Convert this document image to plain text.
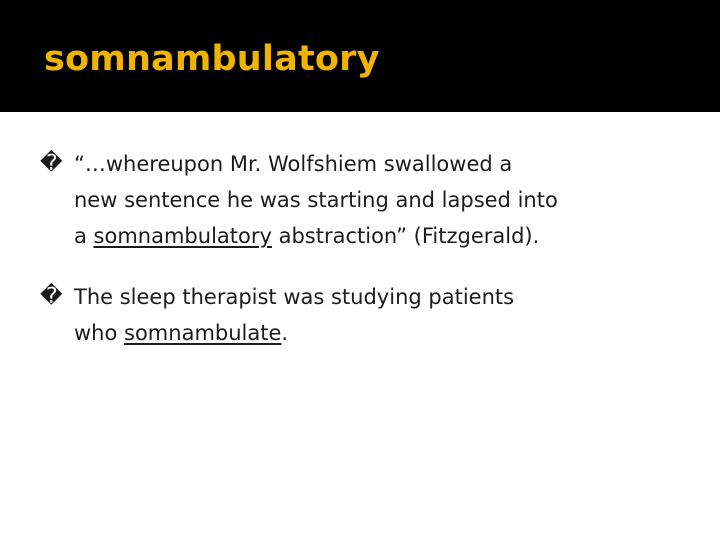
somnambulatory
� “…whereupon Mr. Wolfshiem swallowed a
new sentence he was starting and lapsed into
a somnambulatory abstraction” (Fitzgerald).
� The sleep therapist was studying patients
who somnambulate.
